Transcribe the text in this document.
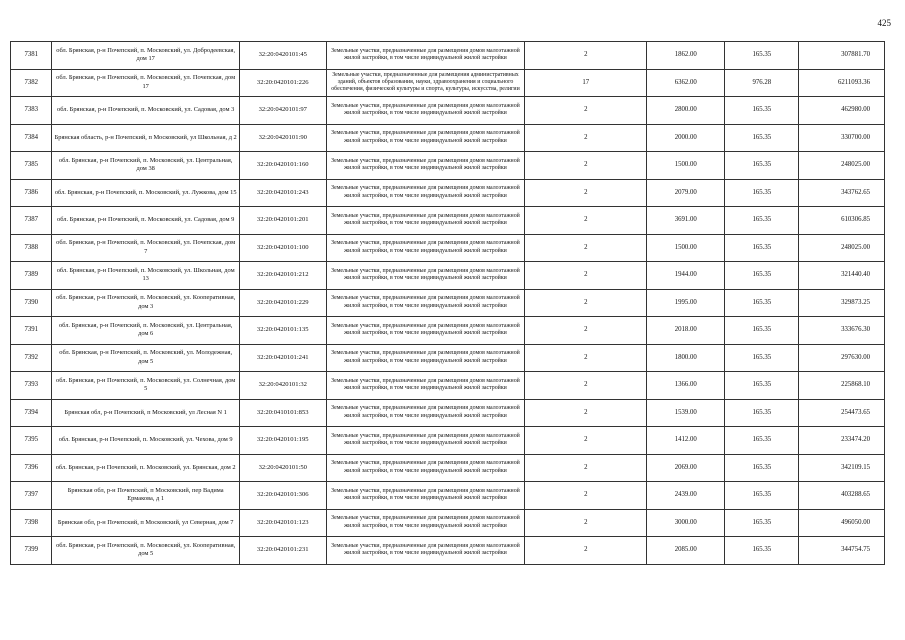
425
7381	обл. Брянская, р-н Почепский, п. Московский, ул. Добродеевская, дом 17	32:20:0420101:45	Земельные участки, предназначенные для размещения домов малоэтажной жилой застройки, в том числе индивидуальной жилой застройки	2	1862.00	165.35	307881.70
7382	обл. Брянская, р-н Почепский, п. Московский, ул. Почепская, дом 17	32:20:0420101:226	Земельные участки, предназначенные для размещения административных зданий, объектов образования, науки, здравоохранения и социального обеспечения, физической культуры и спорта, культуры, искусства, религии	17	6362.00	976.28	6211093.36
7383	обл. Брянская, р-н Почепский, п. Московский, ул. Садовая, дом 3	32:20:0420101:97	Земельные участки, предназначенные для размещения домов малоэтажной жилой застройки, в том числе индивидуальной жилой застройки	2	2800.00	165.35	462980.00
7384	Брянская область, р-н Почепский, п Московский, ул Школьная, д 2	32:20:0420101:90	Земельные участки, предназначенные для размещения домов малоэтажной жилой застройки, в том числе индивидуальной жилой застройки	2	2000.00	165.35	330700.00
7385	обл. Брянская, р-н Почепский, п. Московский, ул. Центральная, дом 38	32:20:0420101:160	Земельные участки, предназначенные для размещения домов малоэтажной жилой застройки, в том числе индивидуальной жилой застройки	2	1500.00	165.35	248025.00
7386	обл. Брянская, р-н Почепский, п. Московский, ул. Лужкова, дом 15	32:20:0420101:243	Земельные участки, предназначенные для размещения домов малоэтажной жилой застройки, в том числе индивидуальной жилой застройки	2	2079.00	165.35	343762.65
7387	обл. Брянская, р-н Почепский, п. Московский, ул. Садовая, дом 9	32:20:0420101:201	Земельные участки, предназначенные для размещения домов малоэтажной жилой застройки, в том числе индивидуальной жилой застройки	2	3691.00	165.35	610306.85
7388	обл. Брянская, р-н Почепский, п. Московский, ул. Почепская, дом 7	32:20:0420101:100	Земельные участки, предназначенные для размещения домов малоэтажной жилой застройки, в том числе индивидуальной жилой застройки	2	1500.00	165.35	248025.00
7389	обл. Брянская, р-н Почепский, п. Московский, ул. Школьная, дом 13	32:20:0420101:212	Земельные участки, предназначенные для размещения домов малоэтажной жилой застройки, в том числе индивидуальной жилой застройки	2	1944.00	165.35	321440.40
7390	обл. Брянская, р-н Почепский, п. Московский, ул. Кооперативная, дом 3	32:20:0420101:229	Земельные участки, предназначенные для размещения домов малоэтажной жилой застройки, в том числе индивидуальной жилой застройки	2	1995.00	165.35	329873.25
7391	обл. Брянская, р-н Почепский, п. Московский, ул. Центральная, дом 6	32:20:0420101:135	Земельные участки, предназначенные для размещения домов малоэтажной жилой застройки, в том числе индивидуальной жилой застройки	2	2018.00	165.35	333676.30
7392	обл. Брянская, р-н Почепский, п. Московский, ул. Молодежная, дом 5	32:20:0420101:241	Земельные участки, предназначенные для размещения домов малоэтажной жилой застройки, в том числе индивидуальной жилой застройки	2	1800.00	165.35	297630.00
7393	обл. Брянская, р-н Почепский, п. Московский, ул. Солнечная, дом 5	32:20:0420101:32	Земельные участки, предназначенные для размещения домов малоэтажной жилой застройки, в том числе индивидуальной жилой застройки	2	1366.00	165.35	225868.10
7394	Брянская обл, р-н Почепский, п Московский, ул Лесная N 1	32:20:0410101:853	Земельные участки, предназначенные для размещения домов малоэтажной жилой застройки, в том числе индивидуальной жилой застройки	2	1539.00	165.35	254473.65
7395	обл. Брянская, р-н Почепский, п. Московский, ул. Чехова, дом 9	32:20:0420101:195	Земельные участки, предназначенные для размещения домов малоэтажной жилой застройки, в том числе индивидуальной жилой застройки	2	1412.00	165.35	233474.20
7396	обл. Брянская, р-н Почепский, п. Московский, ул. Брянская, дом 2	32:20:0420101:50	Земельные участки, предназначенные для размещения домов малоэтажной жилой застройки, в том числе индивидуальной жилой застройки	2	2069.00	165.35	342109.15
7397	Брянская обл, р-н Почепский, п Московский, пер Вадима Ермакова, д 1	32:20:0420101:306	Земельные участки, предназначенные для размещения домов малоэтажной жилой застройки, в том числе индивидуальной жилой застройки	2	2439.00	165.35	403288.65
7398	Брянская обл, р-н Почепский, п Московский, ул Северная, дом 7	32:20:0420101:123	Земельные участки, предназначенные для размещения домов малоэтажной жилой застройки, в том числе индивидуальной жилой застройки	2	3000.00	165.35	496050.00
7399	обл. Брянская, р-н Почепский, п. Московский, ул. Кооперативная, дом 5	32:20:0420101:231	Земельные участки, предназначенные для размещения домов малоэтажной жилой застройки, в том числе индивидуальной жилой застройки	2	2085.00	165.35	344754.75
